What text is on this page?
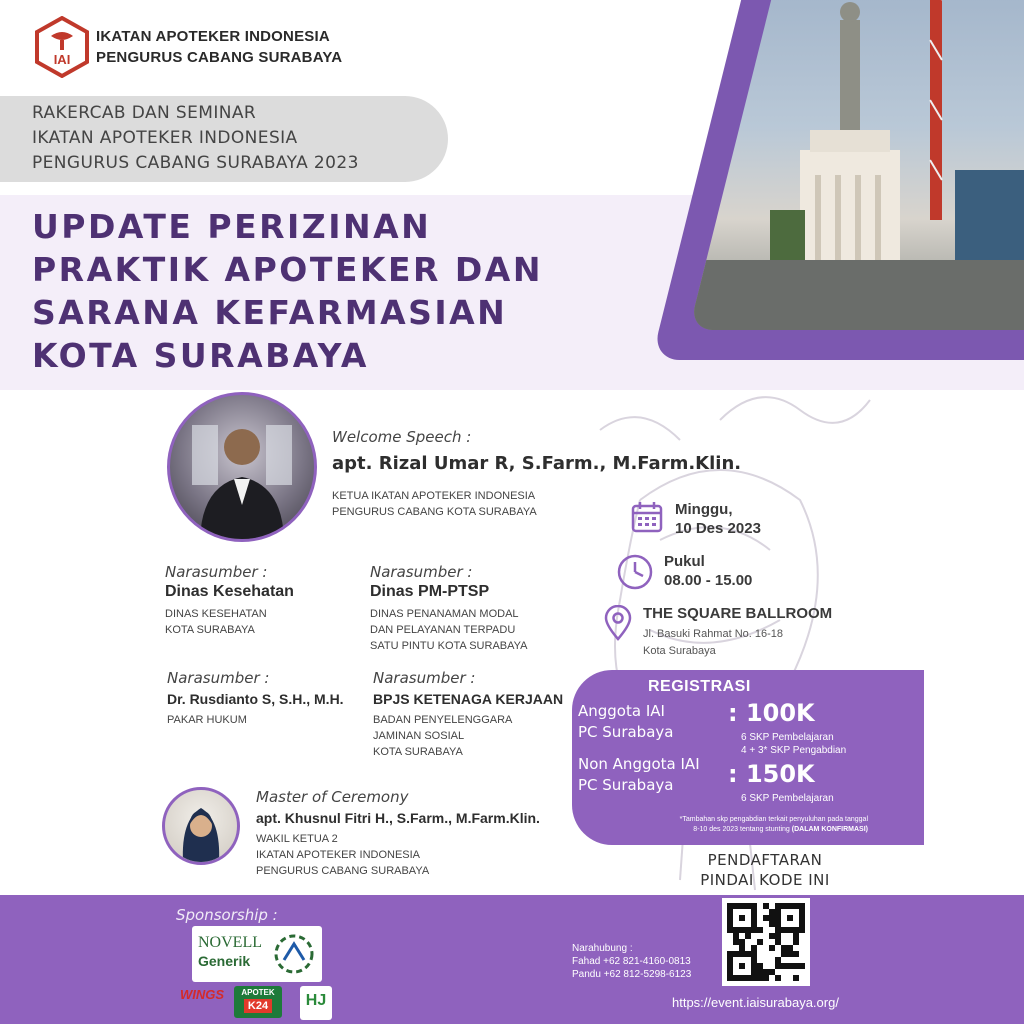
IAI
IKATAN APOTEKER INDONESIA
PENGURUS CABANG SURABAYA
RAKERCAB DAN SEMINAR
IKATAN APOTEKER INDONESIA
PENGURUS CABANG SURABAYA 2023
UPDATE PERIZINAN
PRAKTIK APOTEKER DAN
SARANA KEFARMASIAN
KOTA SURABAYA
Welcome Speech :
apt. Rizal Umar R, S.Farm., M.Farm.Klin.
KETUA IKATAN APOTEKER INDONESIA
PENGURUS CABANG KOTA SURABAYA
Narasumber :
Dinas Kesehatan
DINAS KESEHATAN
KOTA SURABAYA
Narasumber :
Dinas PM-PTSP
DINAS PENANAMAN MODAL
DAN PELAYANAN TERPADU
SATU PINTU KOTA SURABAYA
Narasumber :
Dr. Rusdianto S, S.H., M.H.
PAKAR HUKUM
Narasumber :
BPJS KETENAGA KERJAAN
BADAN PENYELENGGARA
JAMINAN SOSIAL
KOTA SURABAYA
Master of Ceremony
apt. Khusnul Fitri H., S.Farm., M.Farm.Klin.
WAKIL KETUA 2
IKATAN APOTEKER INDONESIA
PENGURUS CABANG SURABAYA
Minggu,
10 Des 2023
Pukul
08.00 - 15.00
THE SQUARE BALLROOM
Jl. Basuki Rahmat No. 16-18
Kota Surabaya
REGISTRASI
Anggota IAI
PC Surabaya
: 100K
6 SKP Pembelajaran
4 + 3* SKP Pengabdian
Non Anggota IAI
PC Surabaya	: 150K
6 SKP Pembelajaran
*Tambahan skp pengabdian terkait penyuluhan pada tanggal
8-10 des 2023 tentang stunting (DALAM KONFIRMASI)
PENDAFTARAN
PINDAI KODE INI
Sponsorship :
NOVELL
Generik
WINGS	APOTEK
K24	HJ
Narahubung :
Fahad +62 821-4160-0813
Pandu +62 812-5298-6123
https://event.iaisurabaya.org/
